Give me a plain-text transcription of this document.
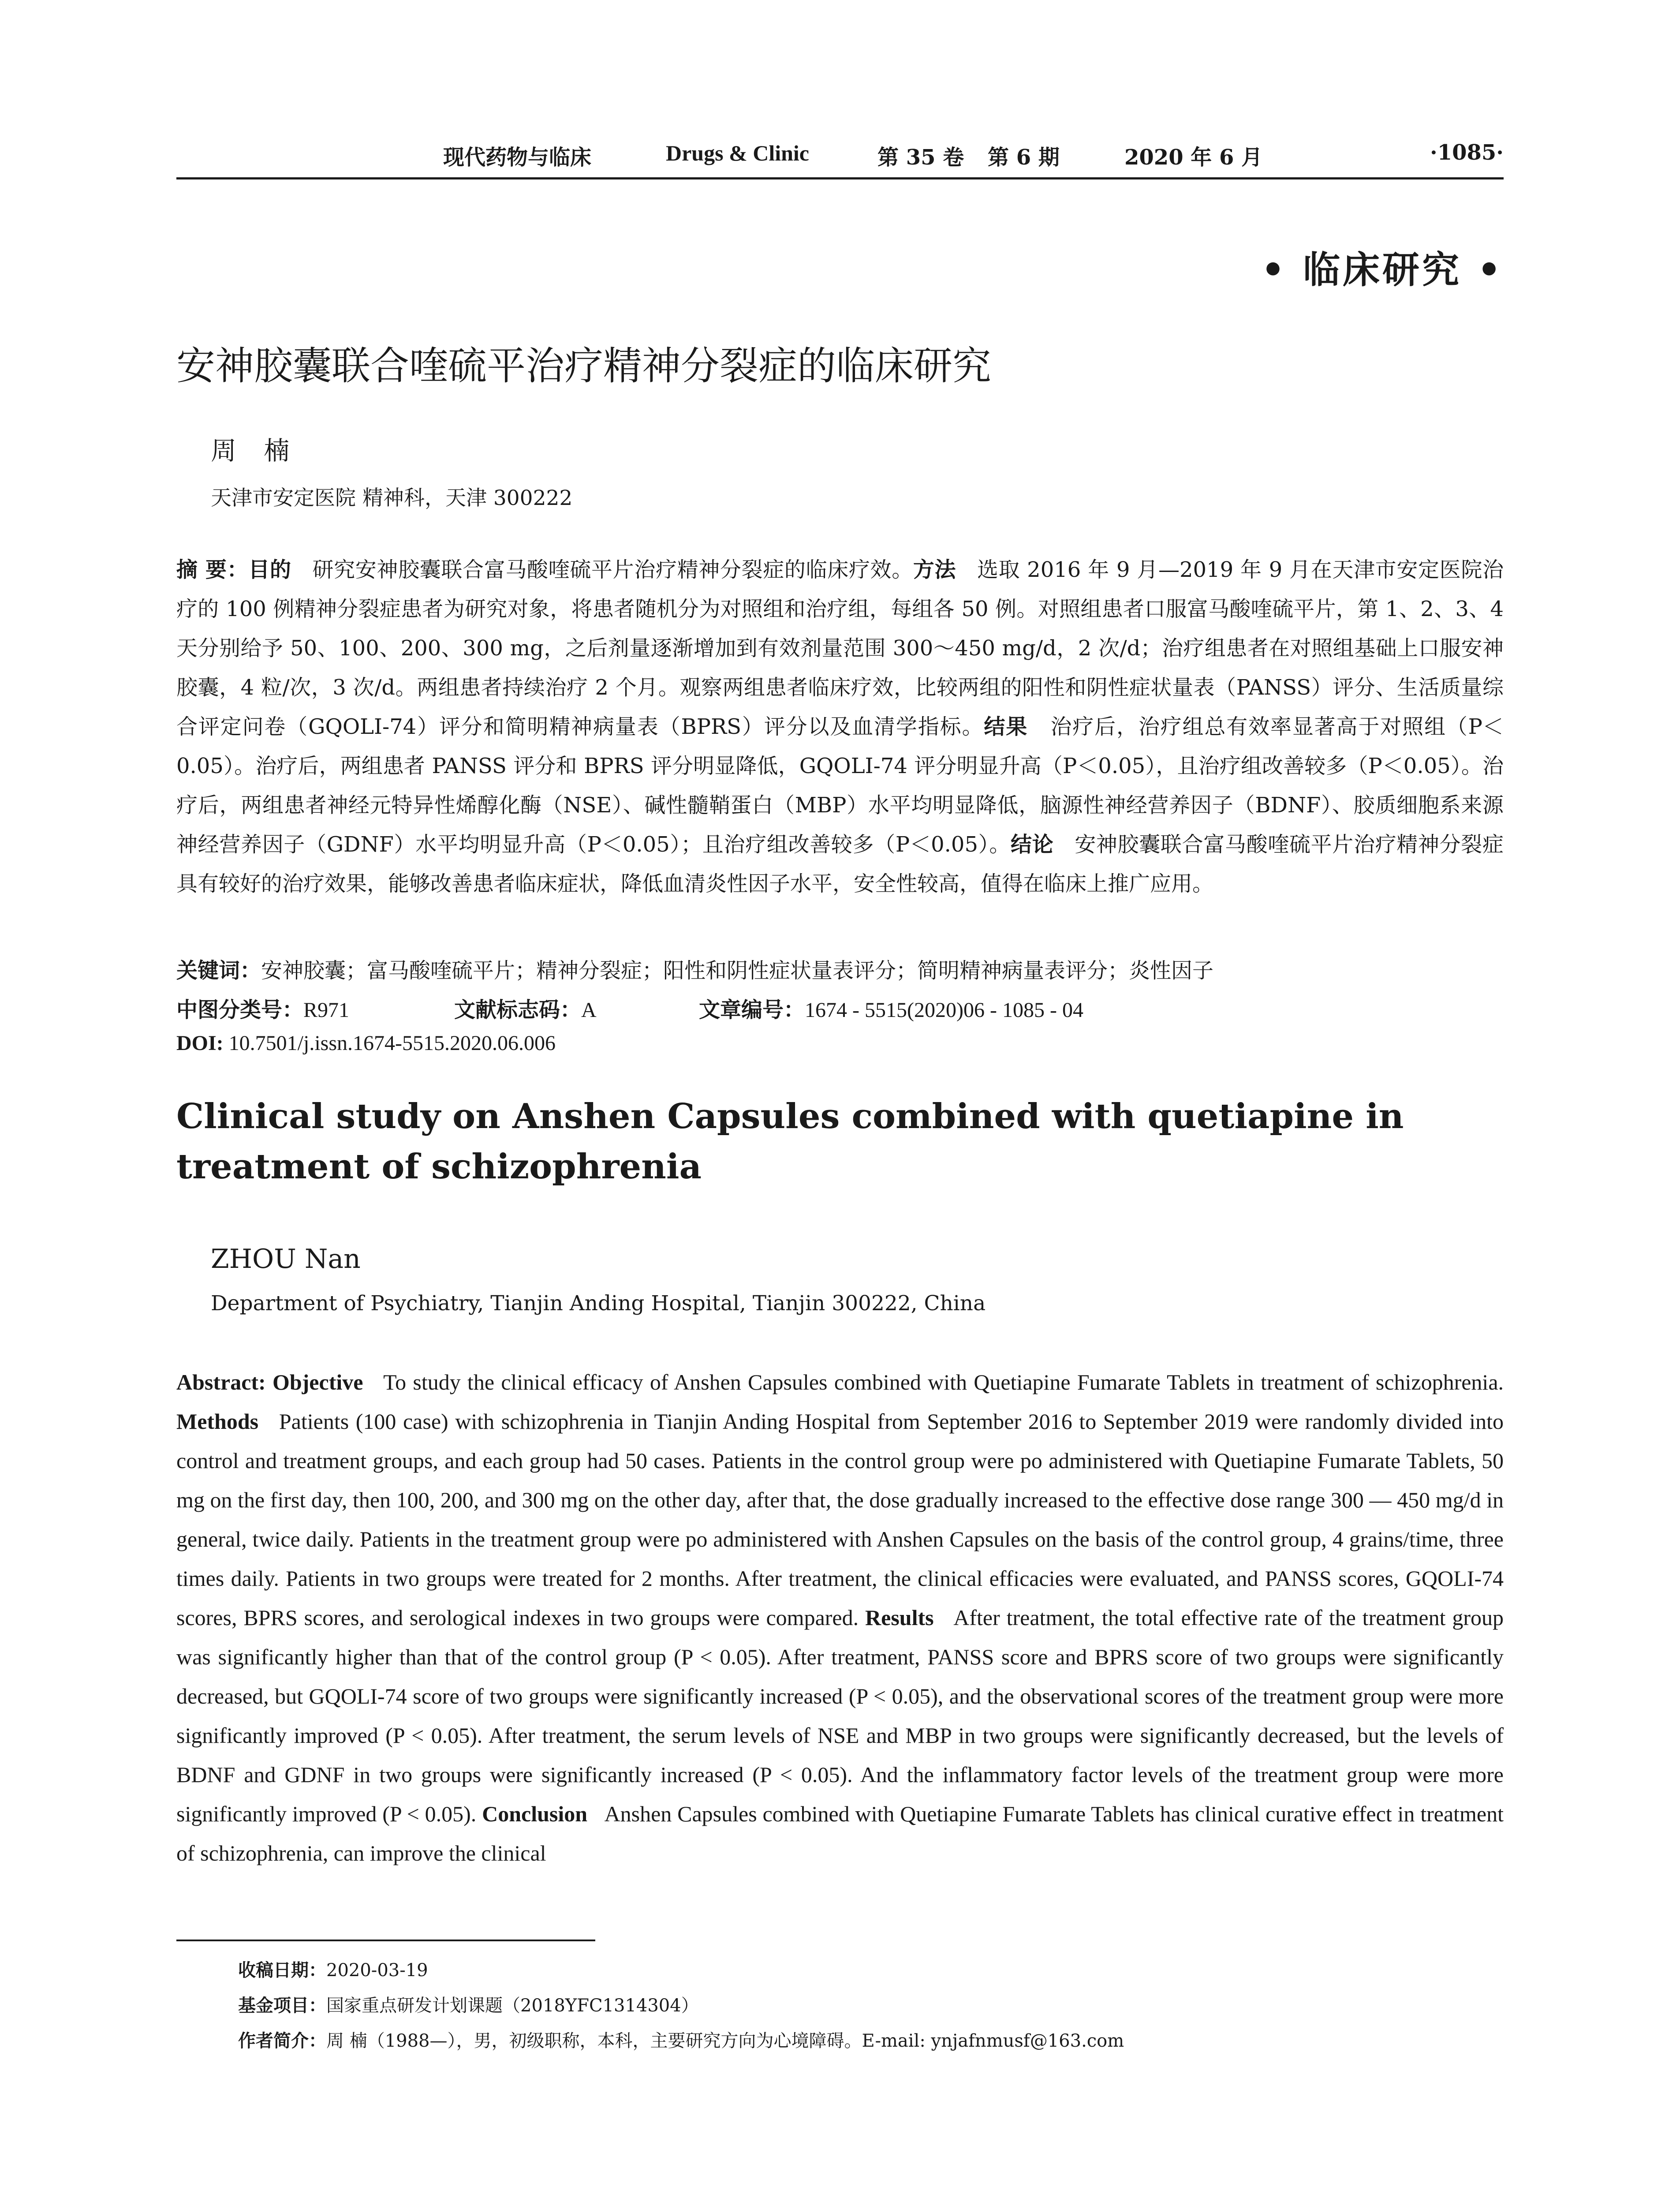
现代药物与临床	Drugs & Clinic	第 35 卷 第 6 期	2020 年 6 月	·1085·
• 临床研究 •
安神胶囊联合喹硫平治疗精神分裂症的临床研究
周 楠
天津市安定医院 精神科，天津 300222

摘 要：目的 研究安神胶囊联合富马酸喹硫平片治疗精神分裂症的临床疗效。方法 选取 2016 年 9 月—2019 年 9 月在天津市安定医院治疗的 100 例精神分裂症患者为研究对象，将患者随机分为对照组和治疗组，每组各 50 例。对照组患者口服富马酸喹硫平片，第 1、2、3、4 天分别给予 50、100、200、300 mg，之后剂量逐渐增加到有效剂量范围 300～450 mg/d，2 次/d；治疗组患者在对照组基础上口服安神胶囊，4 粒/次，3 次/d。两组患者持续治疗 2 个月。观察两组患者临床疗效，比较两组的阳性和阴性症状量表（PANSS）评分、生活质量综合评定问卷（GQOLI-74）评分和简明精神病量表（BPRS）评分以及血清学指标。结果 治疗后，治疗组总有效率显著高于对照组（P＜0.05）。治疗后，两组患者 PANSS 评分和 BPRS 评分明显降低，GQOLI-74 评分明显升高（P＜0.05），且治疗组改善较多（P＜0.05）。治疗后，两组患者神经元特异性烯醇化酶（NSE）、碱性髓鞘蛋白（MBP）水平均明显降低，脑源性神经营养因子（BDNF）、胶质细胞系来源神经营养因子（GDNF）水平均明显升高（P＜0.05）；且治疗组改善较多（P＜0.05）。结论 安神胶囊联合富马酸喹硫平片治疗精神分裂症具有较好的治疗效果，能够改善患者临床症状，降低血清炎性因子水平，安全性较高，值得在临床上推广应用。

关键词：安神胶囊；富马酸喹硫平片；精神分裂症；阳性和阴性症状量表评分；简明精神病量表评分；炎性因子
中图分类号：R971	文献标志码：A	文章编号：1674 - 5515(2020)06 - 1085 - 04
DOI: 10.7501/j.issn.1674-5515.2020.06.006
Clinical study on Anshen Capsules combined with quetiapine in treatment of schizophrenia
ZHOU Nan
Department of Psychiatry, Tianjin Anding Hospital, Tianjin 300222, China

Abstract: Objective To study the clinical efficacy of Anshen Capsules combined with Quetiapine Fumarate Tablets in treatment of schizophrenia. Methods Patients (100 case) with schizophrenia in Tianjin Anding Hospital from September 2016 to September 2019 were randomly divided into control and treatment groups, and each group had 50 cases. Patients in the control group were po administered with Quetiapine Fumarate Tablets, 50 mg on the first day, then 100, 200, and 300 mg on the other day, after that, the dose gradually increased to the effective dose range 300 — 450 mg/d in general, twice daily. Patients in the treatment group were po administered with Anshen Capsules on the basis of the control group, 4 grains/time, three times daily. Patients in two groups were treated for 2 months. After treatment, the clinical efficacies were evaluated, and PANSS scores, GQOLI-74 scores, BPRS scores, and serological indexes in two groups were compared. Results After treatment, the total effective rate of the treatment group was significantly higher than that of the control group (P < 0.05). After treatment, PANSS score and BPRS score of two groups were significantly decreased, but GQOLI-74 score of two groups were significantly increased (P < 0.05), and the observational scores of the treatment group were more significantly improved (P < 0.05). After treatment, the serum levels of NSE and MBP in two groups were significantly decreased, but the levels of BDNF and GDNF in two groups were significantly increased (P < 0.05). And the inflammatory factor levels of the treatment group were more significantly improved (P < 0.05). Conclusion Anshen Capsules combined with Quetiapine Fumarate Tablets has clinical curative effect in treatment of schizophrenia, can improve the clinical

收稿日期：2020-03-19
基金项目：国家重点研发计划课题（2018YFC1314304）
作者简介：周 楠（1988—），男，初级职称，本科，主要研究方向为心境障碍。E-mail: ynjafnmusf@163.com
